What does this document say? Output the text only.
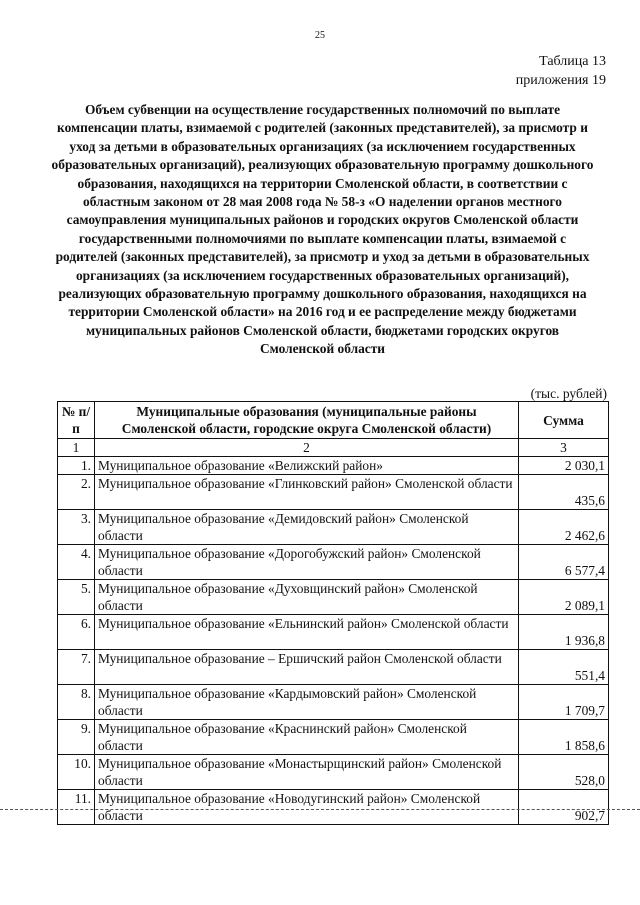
25
Таблица 13
приложения 19
Объем субвенции на осуществление государственных полномочий по выплате компенсации платы, взимаемой с родителей (законных представителей), за присмотр и уход за детьми в образовательных организациях (за исключением государственных образовательных организаций), реализующих образовательную программу дошкольного образования, находящихся на территории Смоленской области, в соответствии с областным законом от 28 мая 2008 года № 58-з «О наделении органов местного самоуправления муниципальных районов и городских округов Смоленской области государственными полномочиями по выплате компенсации платы, взимаемой с родителей (законных представителей), за присмотр и уход за детьми в образовательных организациях (за исключением государственных образовательных организаций), реализующих образовательную программу дошкольного образования, находящихся на территории Смоленской области» на 2016 год и ее распределение между бюджетами муниципальных районов Смоленской области, бюджетами городских округов Смоленской области
(тыс. рублей)
№ п/п	Муниципальные образования (муниципальные районы Смоленской области, городские округа Смоленской области)	Сумма
1	2	3
1.	Муниципальное образование «Велижский район»	2 030,1
2.	Муниципальное образование «Глинковский район» Смоленской области	435,6
3.	Муниципальное образование «Демидовский район» Смоленской области	2 462,6
4.	Муниципальное образование «Дорогобужский район» Смоленской области	6 577,4
5.	Муниципальное образование «Духовщинский район» Смоленской области	2 089,1
6.	Муниципальное образование «Ельнинский район» Смоленской области	1 936,8
7.	Муниципальное образование – Ершичский район Смоленской области	551,4
8.	Муниципальное образование «Кардымовский район» Смоленской области	1 709,7
9.	Муниципальное образование «Краснинский район» Смоленской области	1 858,6
10.	Муниципальное образование «Монастырщинский район» Смоленской области	528,0
11.	Муниципальное образование «Новодугинский район» Смоленской области	902,7
